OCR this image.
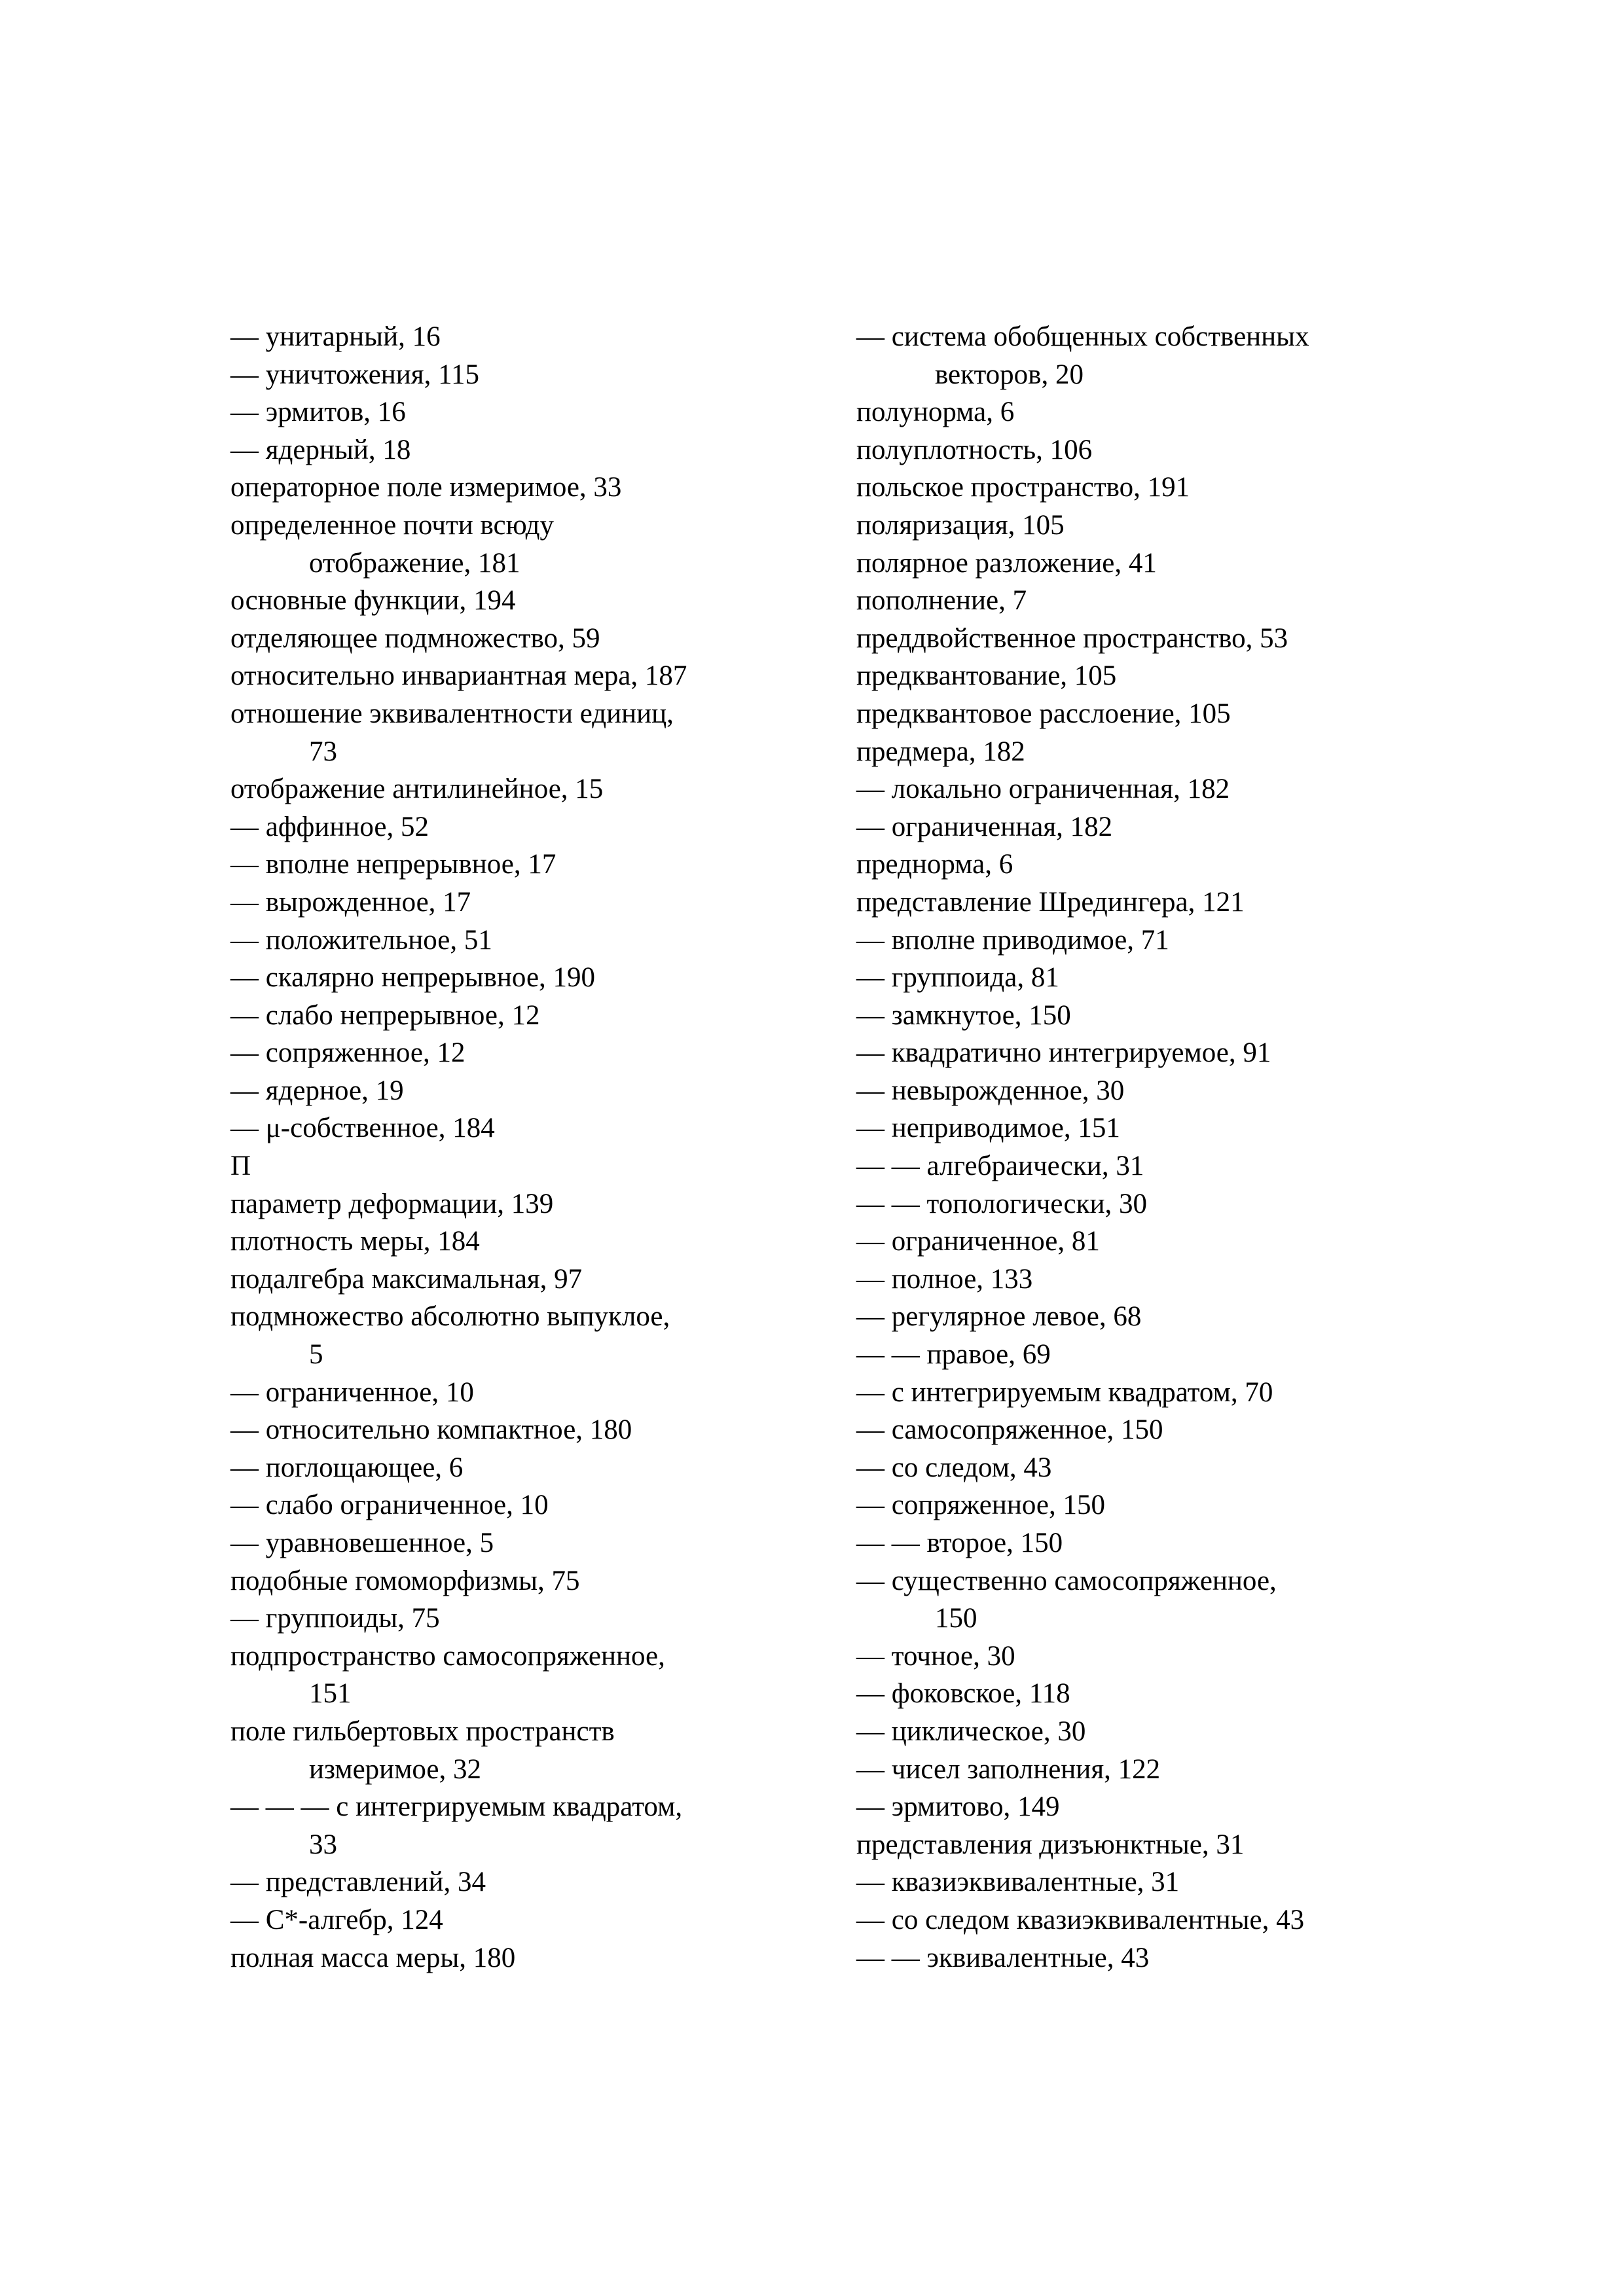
— унитарный, 16
— уничтожения, 115
— эрмитов, 16
— ядерный, 18
операторное поле измеримое, 33
определенное почти всюду
отображение, 181
основные функции, 194
отделяющее подмножество, 59
относительно инвариантная мера, 187
отношение эквивалентности единиц,
73
отображение антилинейное, 15
— аффинное, 52
— вполне непрерывное, 17
— вырожденное, 17
— положительное, 51
— скалярно непрерывное, 190
— слабо непрерывное, 12
— сопряженное, 12
— ядерное, 19
— μ-собственное, 184
П
параметр деформации, 139
плотность меры, 184
подалгебра максимальная, 97
подмножество абсолютно выпуклое,
5
— ограниченное, 10
— относительно компактное, 180
— поглощающее, 6
— слабо ограниченное, 10
— уравновешенное, 5
подобные гомоморфизмы, 75
— группоиды, 75
подпространство самосопряженное,
151
поле гильбертовых пространств
измеримое, 32
— — — с интегрируемым квадратом,
33
— представлений, 34
— C*-алгебр, 124
полная масса меры, 180
— система обобщенных собственных
векторов, 20
полунорма, 6
полуплотность, 106
польское пространство, 191
поляризация, 105
полярное разложение, 41
пополнение, 7
преддвойственное пространство, 53
предквантование, 105
предквантовое расслоение, 105
предмера, 182
— локально ограниченная, 182
— ограниченная, 182
преднорма, 6
представление Шредингера, 121
— вполне приводимое, 71
— группоида, 81
— замкнутое, 150
— квадратично интегрируемое, 91
— невырожденное, 30
— неприводимое, 151
— — алгебраически, 31
— — топологически, 30
— ограниченное, 81
— полное, 133
— регулярное левое, 68
— — правое, 69
— с интегрируемым квадратом, 70
— самосопряженное, 150
— со следом, 43
— сопряженное, 150
— — второе, 150
— существенно самосопряженное,
150
— точное, 30
— фоковское, 118
— циклическое, 30
— чисел заполнения, 122
— эрмитово, 149
представления дизъюнктные, 31
— квазиэквивалентные, 31
— со следом квазиэквивалентные, 43
— — эквивалентные, 43
